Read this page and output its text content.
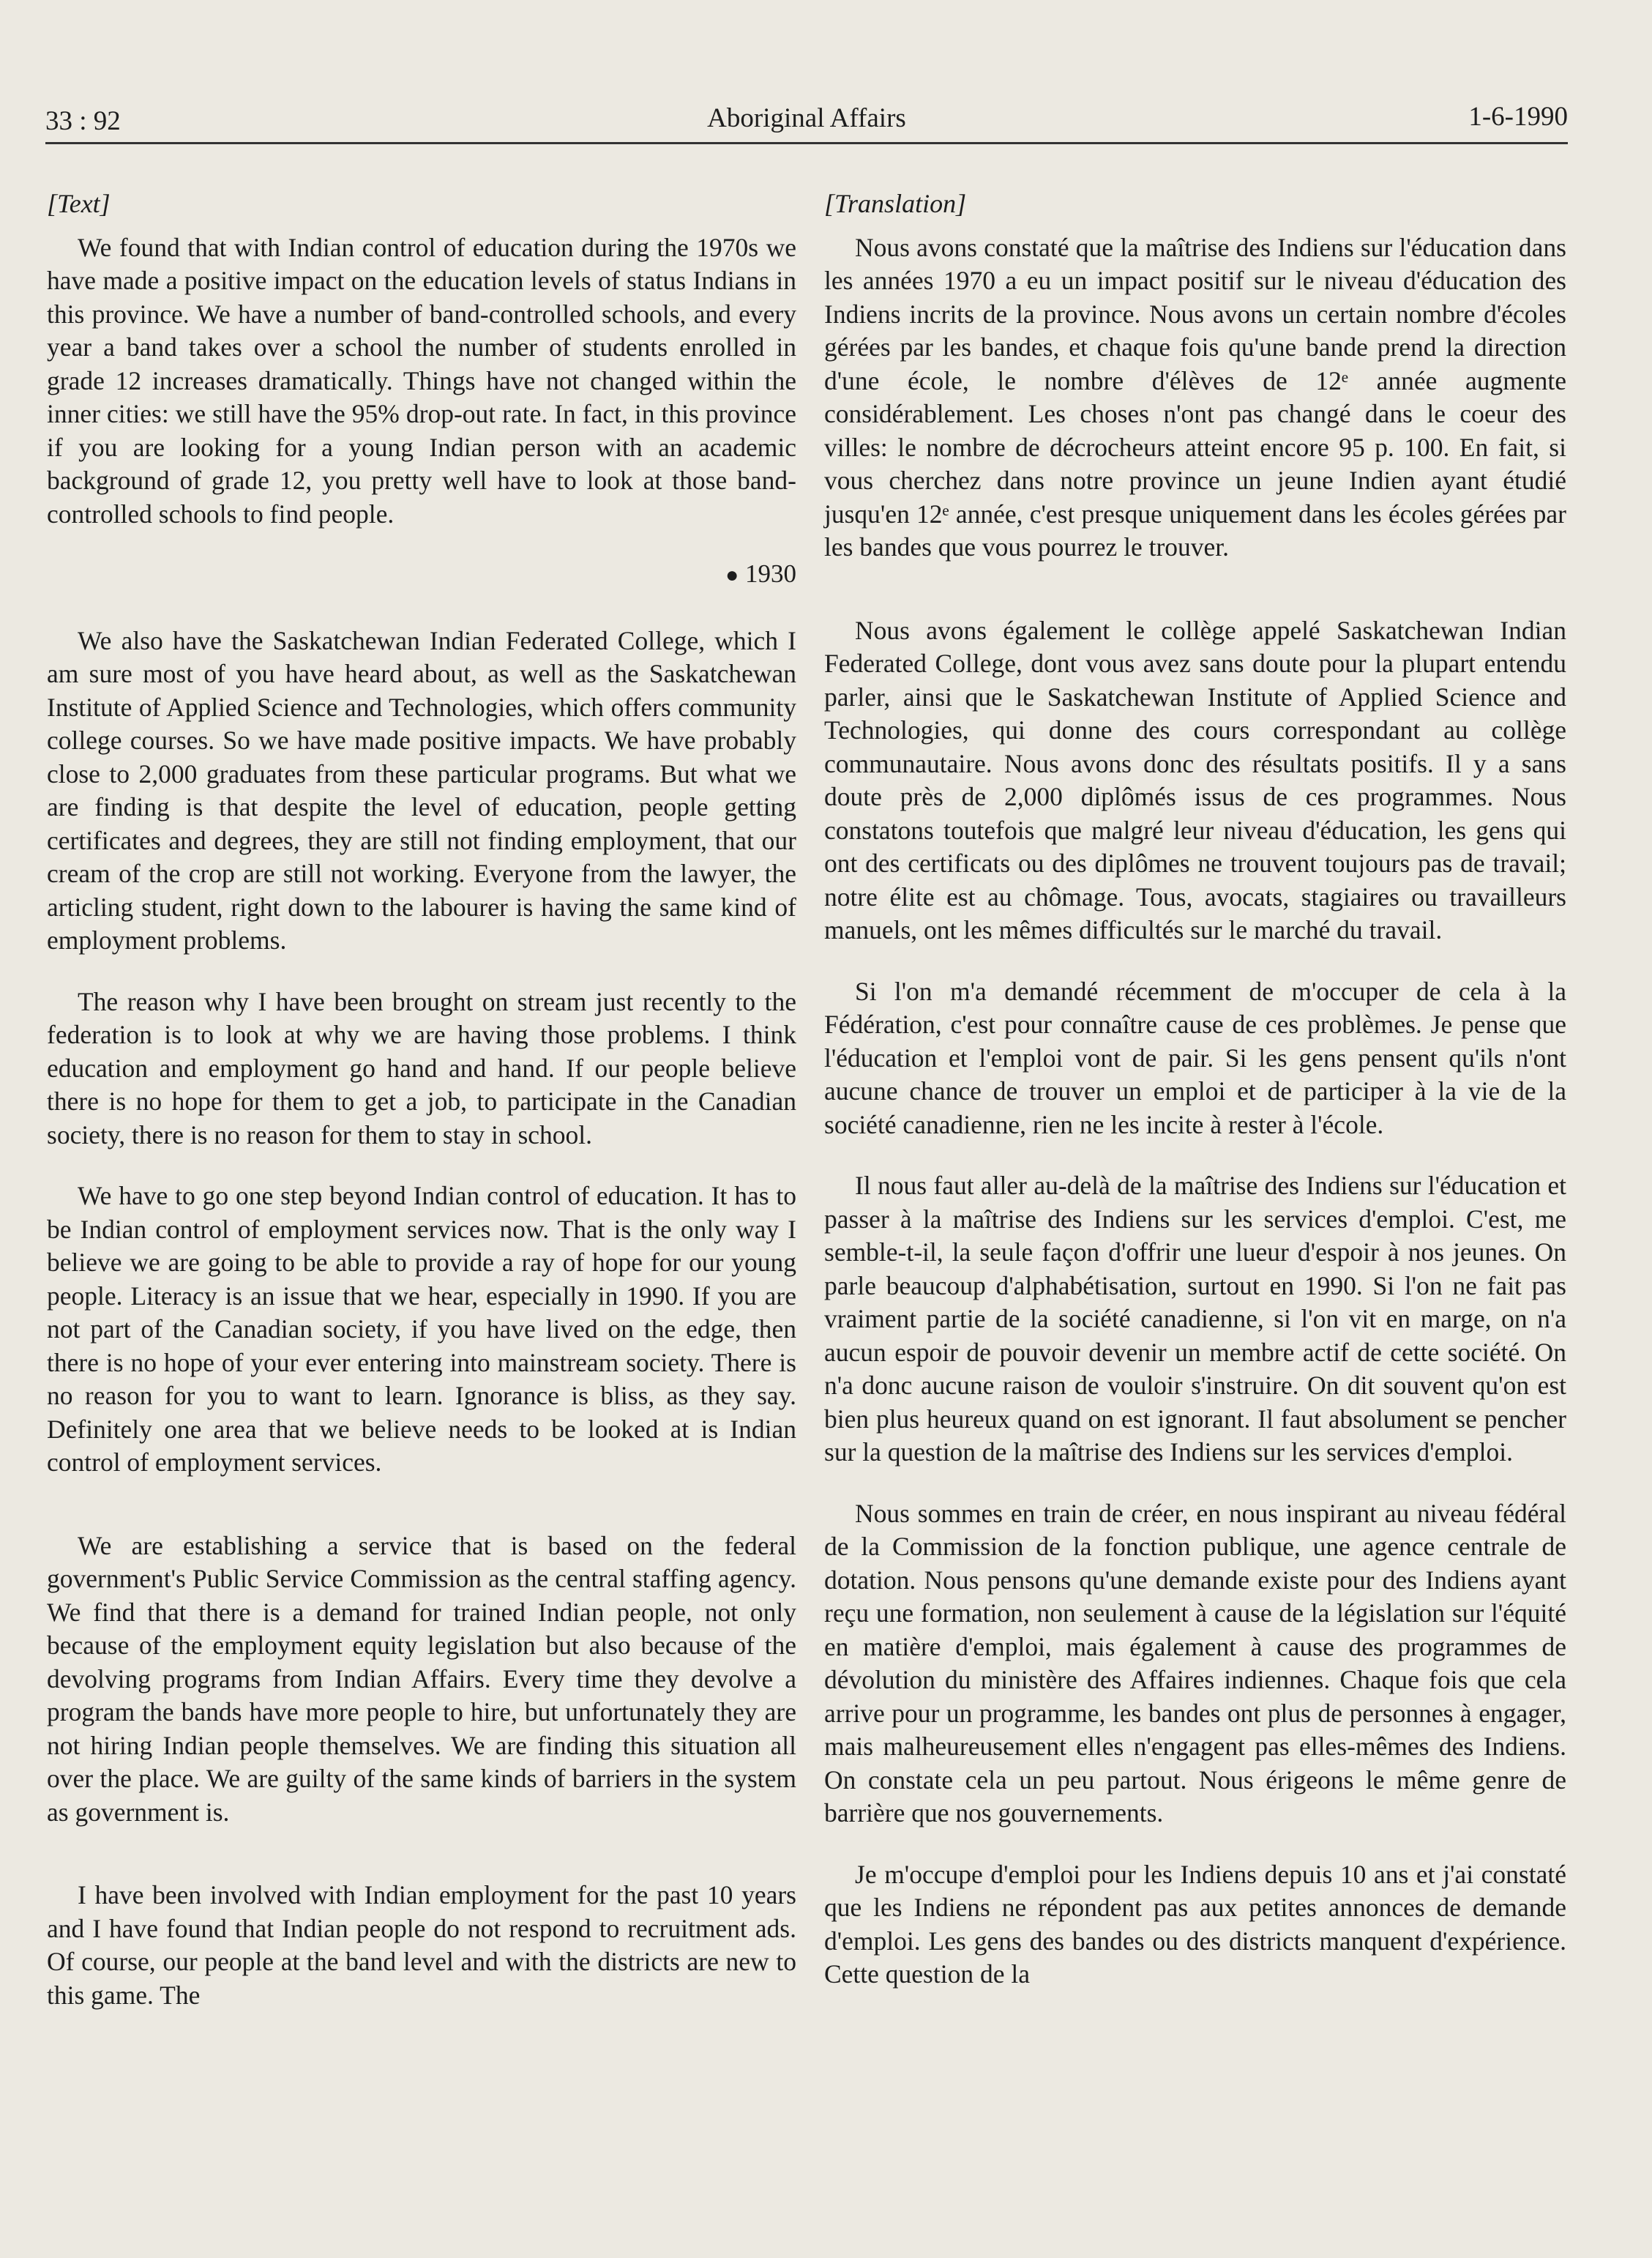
33 : 92	Aboriginal Affairs	1-6-1990
[Text]

We found that with Indian control of education during the 1970s we have made a positive impact on the education levels of status Indians in this province. We have a number of band-controlled schools, and every year a band takes over a school the number of students enrolled in grade 12 increases dramatically. Things have not changed within the inner cities: we still have the 95% drop-out rate. In fact, in this province if you are looking for a young Indian person with an academic background of grade 12, you pretty well have to look at those band-controlled schools to find people.

● 1930

We also have the Saskatchewan Indian Federated College, which I am sure most of you have heard about, as well as the Saskatchewan Institute of Applied Science and Technologies, which offers community college courses. So we have made positive impacts. We have probably close to 2,000 graduates from these particular programs. But what we are finding is that despite the level of education, people getting certificates and degrees, they are still not finding employment, that our cream of the crop are still not working. Everyone from the lawyer, the articling student, right down to the labourer is having the same kind of employment problems.

The reason why I have been brought on stream just recently to the federation is to look at why we are having those problems. I think education and employment go hand and hand. If our people believe there is no hope for them to get a job, to participate in the Canadian society, there is no reason for them to stay in school.

We have to go one step beyond Indian control of education. It has to be Indian control of employment services now. That is the only way I believe we are going to be able to provide a ray of hope for our young people. Literacy is an issue that we hear, especially in 1990. If you are not part of the Canadian society, if you have lived on the edge, then there is no hope of your ever entering into mainstream society. There is no reason for you to want to learn. Ignorance is bliss, as they say. Definitely one area that we believe needs to be looked at is Indian control of employment services.

We are establishing a service that is based on the federal government's Public Service Commission as the central staffing agency. We find that there is a demand for trained Indian people, not only because of the employment equity legislation but also because of the devolving programs from Indian Affairs. Every time they devolve a program the bands have more people to hire, but unfortunately they are not hiring Indian people themselves. We are finding this situation all over the place. We are guilty of the same kinds of barriers in the system as government is.

I have been involved with Indian employment for the past 10 years and I have found that Indian people do not respond to recruitment ads. Of course, our people at the band level and with the districts are new to this game. The

[Translation]

Nous avons constaté que la maîtrise des Indiens sur l'éducation dans les années 1970 a eu un impact positif sur le niveau d'éducation des Indiens incrits de la province. Nous avons un certain nombre d'écoles gérées par les bandes, et chaque fois qu'une bande prend la direction d'une école, le nombre d'élèves de 12ᵉ année augmente considérablement. Les choses n'ont pas changé dans le coeur des villes: le nombre de décrocheurs atteint encore 95 p. 100. En fait, si vous cherchez dans notre province un jeune Indien ayant étudié jusqu'en 12ᵉ année, c'est presque uniquement dans les écoles gérées par les bandes que vous pourrez le trouver.

Nous avons également le collège appelé Saskatchewan Indian Federated College, dont vous avez sans doute pour la plupart entendu parler, ainsi que le Saskatchewan Institute of Applied Science and Technologies, qui donne des cours correspondant au collège communautaire. Nous avons donc des résultats positifs. Il y a sans doute près de 2,000 diplômés issus de ces programmes. Nous constatons toutefois que malgré leur niveau d'éducation, les gens qui ont des certificats ou des diplômes ne trouvent toujours pas de travail; notre élite est au chômage. Tous, avocats, stagiaires ou travailleurs manuels, ont les mêmes difficultés sur le marché du travail.

Si l'on m'a demandé récemment de m'occuper de cela à la Fédération, c'est pour connaître cause de ces problèmes. Je pense que l'éducation et l'emploi vont de pair. Si les gens pensent qu'ils n'ont aucune chance de trouver un emploi et de participer à la vie de la société canadienne, rien ne les incite à rester à l'école.

Il nous faut aller au-delà de la maîtrise des Indiens sur l'éducation et passer à la maîtrise des Indiens sur les services d'emploi. C'est, me semble-t-il, la seule façon d'offrir une lueur d'espoir à nos jeunes. On parle beaucoup d'alphabétisation, surtout en 1990. Si l'on ne fait pas vraiment partie de la société canadienne, si l'on vit en marge, on n'a aucun espoir de pouvoir devenir un membre actif de cette société. On n'a donc aucune raison de vouloir s'instruire. On dit souvent qu'on est bien plus heureux quand on est ignorant. Il faut absolument se pencher sur la question de la maîtrise des Indiens sur les services d'emploi.

Nous sommes en train de créer, en nous inspirant au niveau fédéral de la Commission de la fonction publique, une agence centrale de dotation. Nous pensons qu'une demande existe pour des Indiens ayant reçu une formation, non seulement à cause de la législation sur l'équité en matière d'emploi, mais également à cause des programmes de dévolution du ministère des Affaires indiennes. Chaque fois que cela arrive pour un programme, les bandes ont plus de personnes à engager, mais malheureusement elles n'engagent pas elles-mêmes des Indiens. On constate cela un peu partout. Nous érigeons le même genre de barrière que nos gouvernements.

Je m'occupe d'emploi pour les Indiens depuis 10 ans et j'ai constaté que les Indiens ne répondent pas aux petites annonces de demande d'emploi. Les gens des bandes ou des districts manquent d'expérience. Cette question de la
